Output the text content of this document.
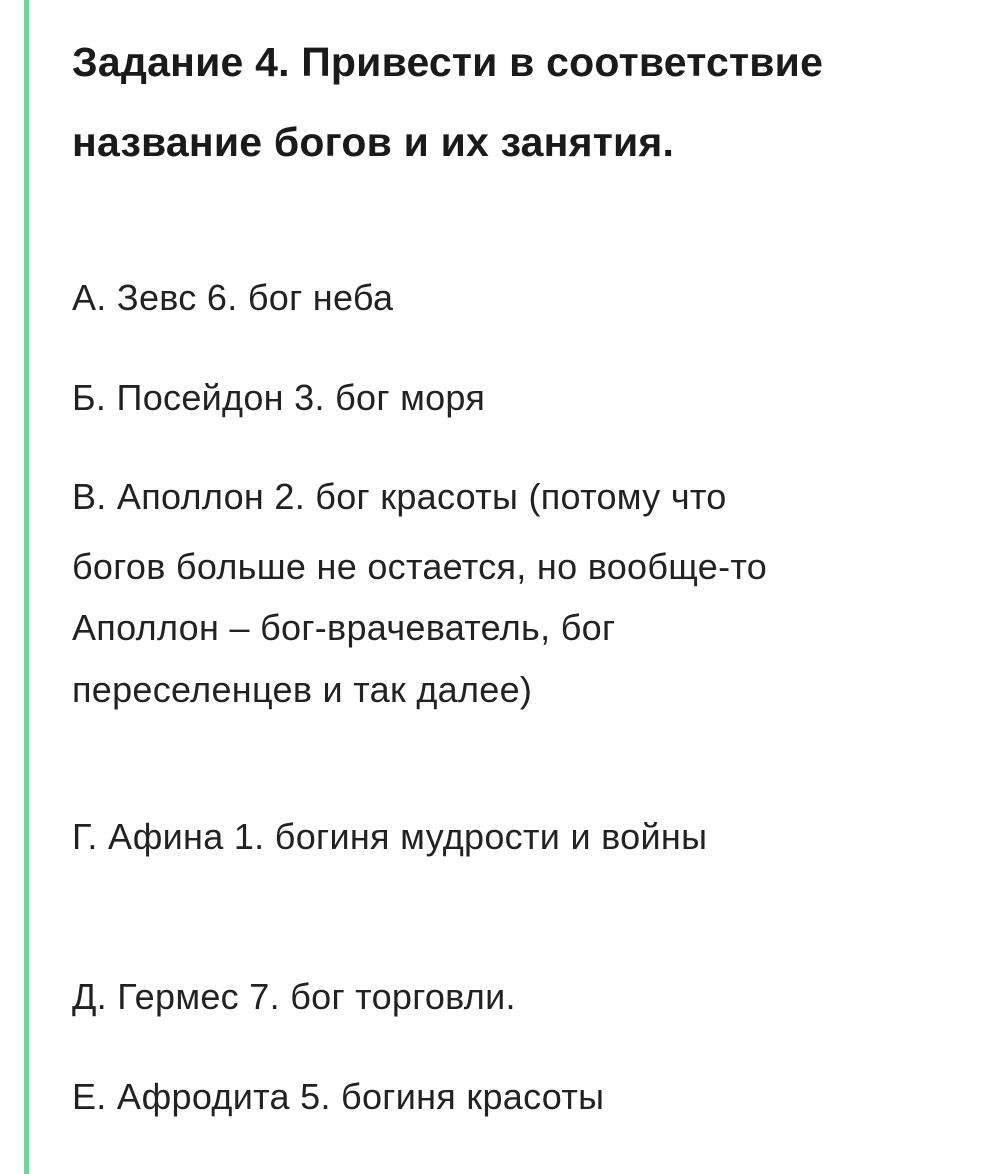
Задание 4. Привести в соответствие
название богов и их занятия.
А. Зевс 6. бог неба
Б. Посейдон 3. бог моря
В. Аполлон 2. бог красоты (потому что
богов больше не остается, но вообще-то
Аполлон – бог-врачеватель, бог
переселенцев и так далее)
Г. Афина 1. богиня мудрости и войны
Д. Гермес 7. бог торговли.
Е. Афродита 5. богиня красоты
